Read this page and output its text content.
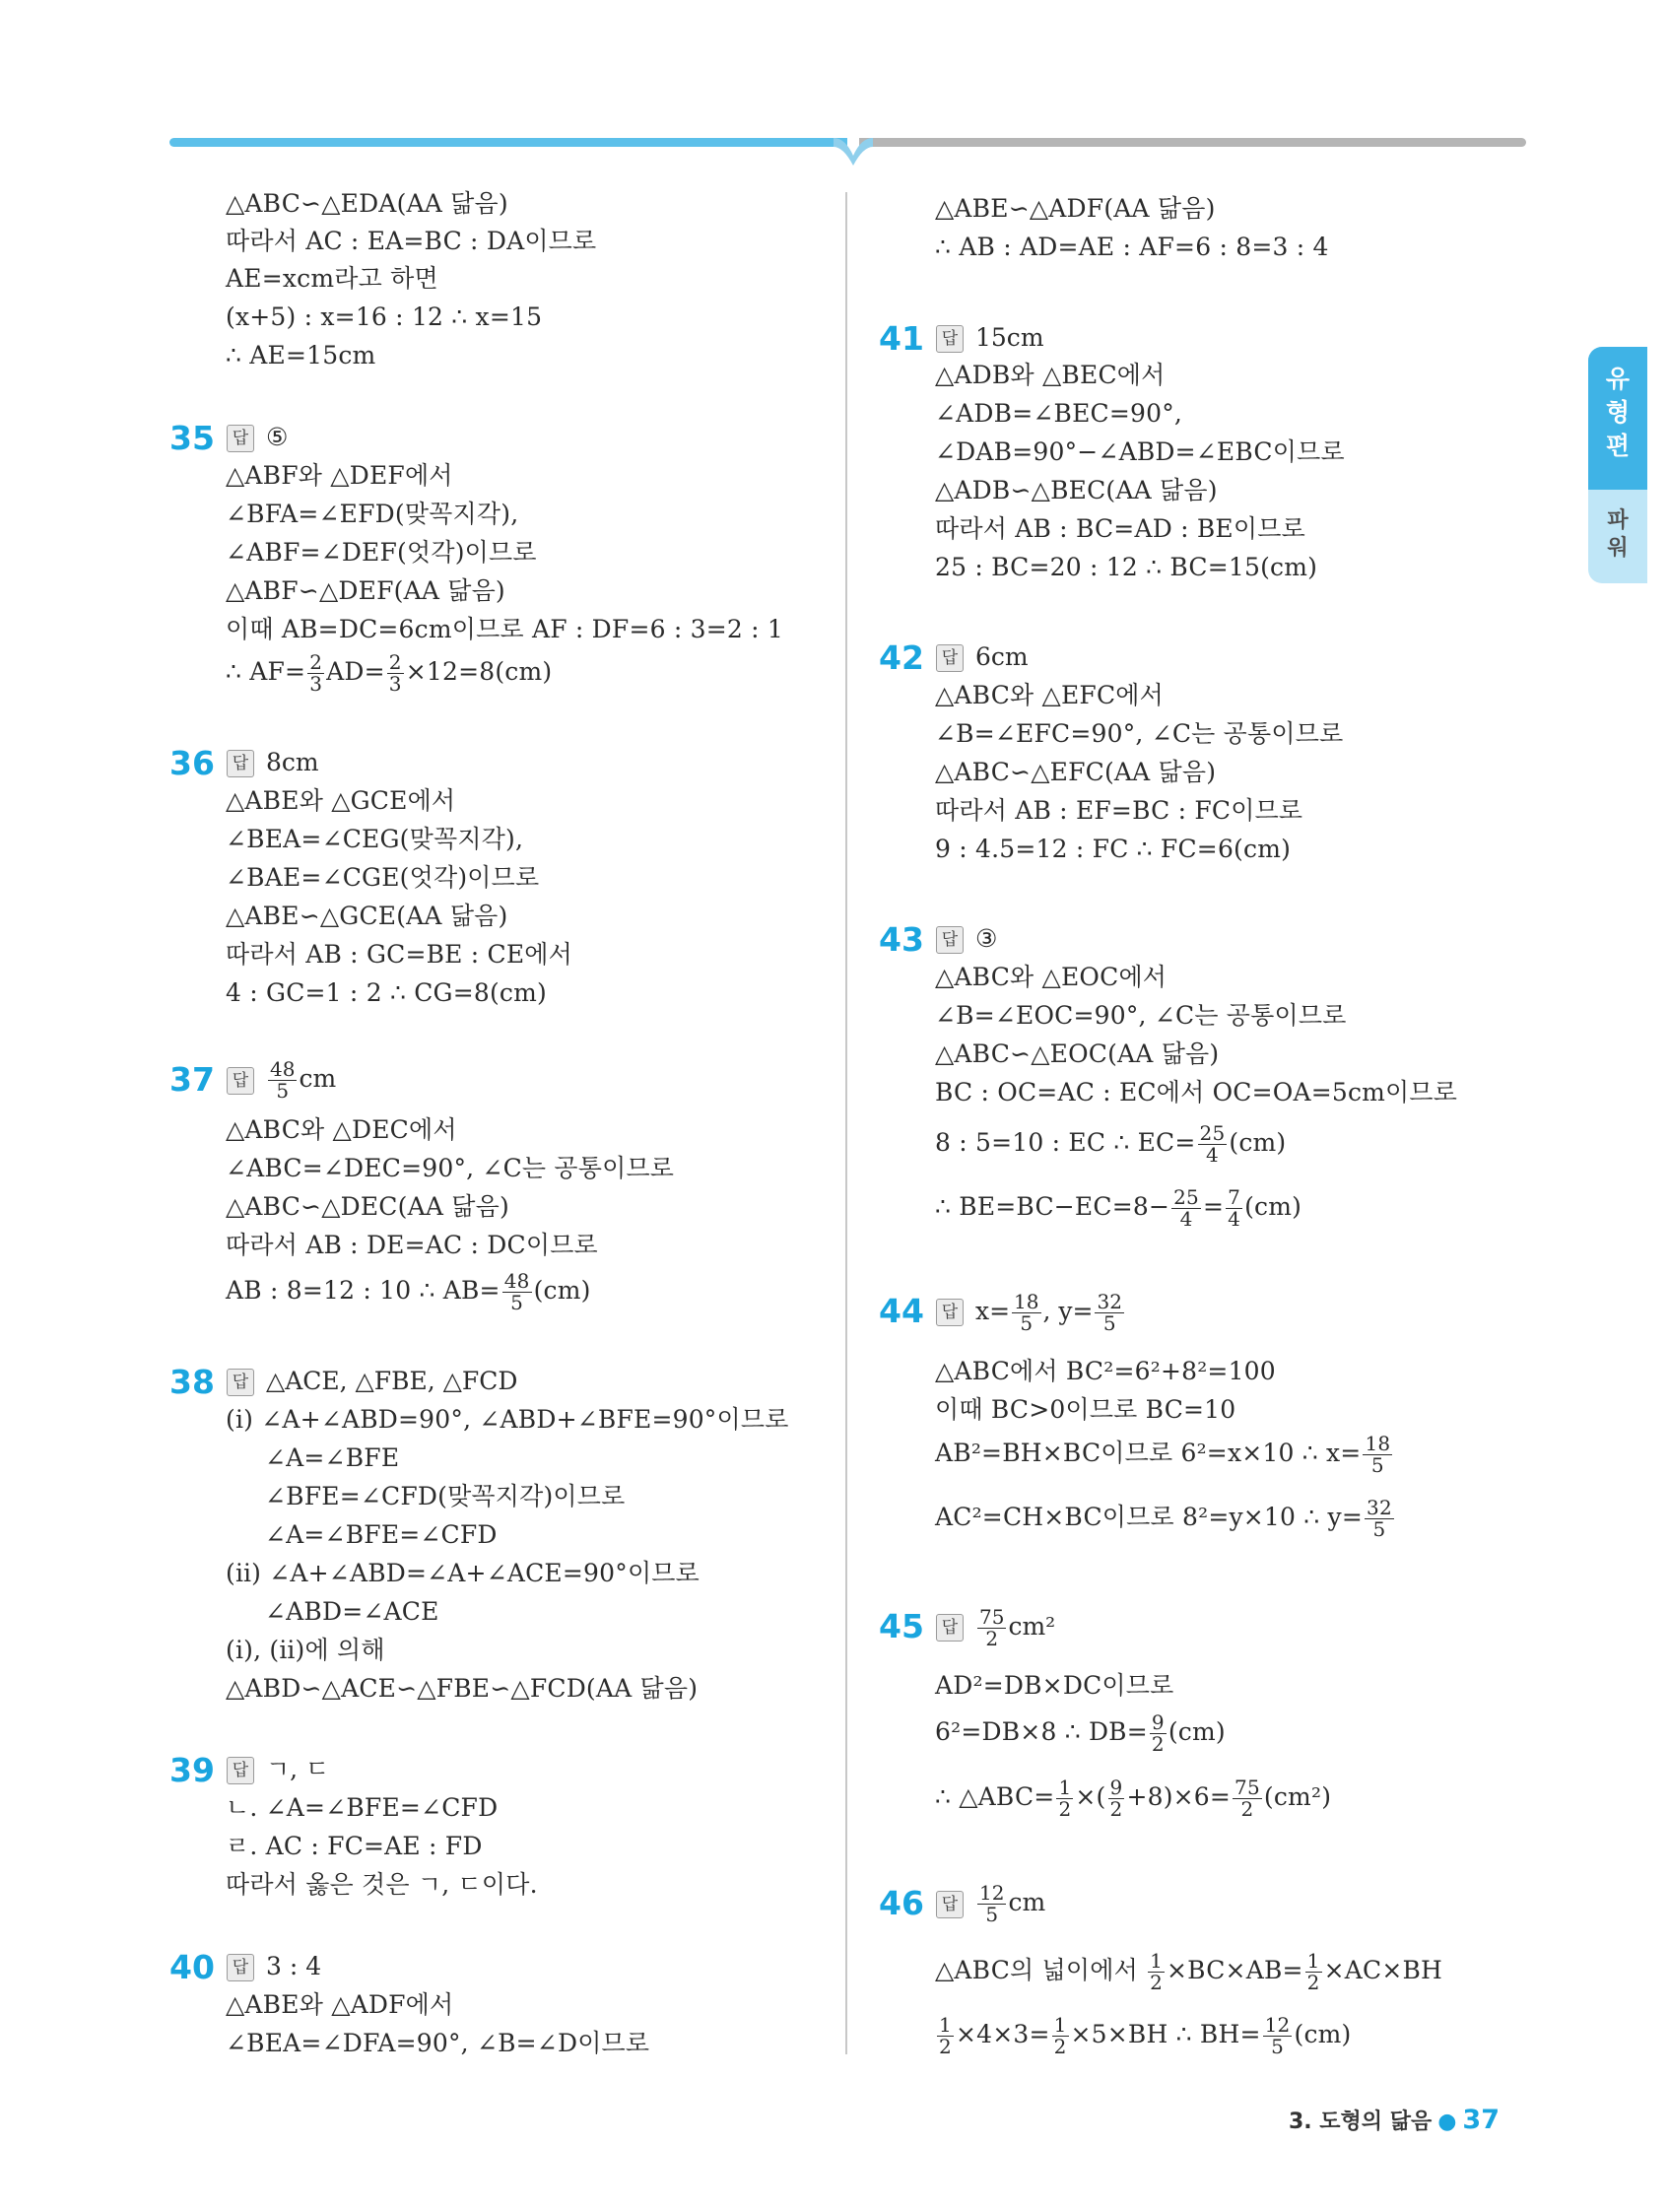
유
형
편
파
워
△ABC∽△EDA(AA 닮음)
따라서 AC : EA=BC : DA이므로
AE=xcm라고 하면
(x+5) : x=16 : 12 ∴ x=15
∴ AE=15cm
35	답 ⑤
△ABF와 △DEF에서
∠BFA=∠EFD(맞꼭지각),
∠ABF=∠DEF(엇각)이므로
△ABF∽△DEF(AA 닮음)
이때 AB=DC=6cm이므로 AF : DF=6 : 3=2 : 1
∴ $AF= \frac{2}{3} AD= \frac{2}{3} \times 12=8(cm)$
36	답 8cm
△ABE와 △GCE에서
∠BEA=∠CEG(맞꼭지각),
∠BAE=∠CGE(엇각)이므로
△ABE∽△GCE(AA 닮음)
따라서 AB : GC=BE : CE에서
4 : GC=1 : 2 ∴ CG=8(cm)
37	답 $\frac{48}{5}$ cm
△ABC와 △DEC에서
∠ABC=∠DEC=90°, ∠C는 공통이므로
△ABC∽△DEC(AA 닮음)
따라서 AB : DE=AC : DC이므로
AB : 8=12 : 10 ∴ $AB= \frac{48}{5} (cm)$
38	답 △ACE, △FBE, △FCD
(ⅰ) ∠A+∠ABD=90°, ∠ABD+∠BFE=90°이므로
∠A=∠BFE
∠BFE=∠CFD(맞꼭지각)이므로
∠A=∠BFE=∠CFD
(ⅱ) ∠A+∠ABD=∠A+∠ACE=90°이므로
∠ABD=∠ACE
(ⅰ), (ⅱ)에 의해
△ABD∽△ACE∽△FBE∽△FCD(AA 닮음)
39	답 ㄱ, ㄷ
ㄴ. ∠A=∠BFE=∠CFD
ㄹ. AC : FC=AE : FD
따라서 옳은 것은 ㄱ, ㄷ이다.
40	답 3 : 4
△ABE와 △ADF에서
∠BEA=∠DFA=90°, ∠B=∠D이므로
△ABE∽△ADF(AA 닮음)
∴ AB : AD=AE : AF=6 : 8=3 : 4
41	답 15cm
△ADB와 △BEC에서
∠ADB=∠BEC=90°,
∠DAB=90°−∠ABD=∠EBC이므로
△ADB∽△BEC(AA 닮음)
따라서 AB : BC=AD : BE이므로
25 : BC=20 : 12 ∴ BC=15(cm)
42	답 6cm
△ABC와 △EFC에서
∠B=∠EFC=90°, ∠C는 공통이므로
△ABC∽△EFC(AA 닮음)
따라서 AB : EF=BC : FC이므로
9 : 4.5=12 : FC ∴ FC=6(cm)
43	답 ③
△ABC와 △EOC에서
∠B=∠EOC=90°, ∠C는 공통이므로
△ABC∽△EOC(AA 닮음)
BC : OC=AC : EC에서 OC=OA=5cm이므로
8 : 5=10 : EC ∴ $EC= \frac{25}{4} (cm)$
∴ $BE=BC-EC=8- \frac{25}{4} = \frac{7}{4} (cm)$
44	답 $x= \frac{18}{5}$ , $y= \frac{32}{5}$
△ABC에서 BC²=6²+8²=100
이때 BC>0이므로 BC=10
AB²=BH×BC이므로 6²=x×10 ∴ $x= \frac{18}{5}$
AC²=CH×BC이므로 8²=y×10 ∴ $y= \frac{32}{5}$
45	답 $\frac{75}{2} cm^2$
AD²=DB×DC이므로
6²=DB×8 ∴ $DB= \frac{9}{2} (cm)$
∴ △ABC= $\frac{1}{2}$ ×( $\frac{9}{2} +8)\times 6= \frac{75}{2} (cm^2)$
46	답 $\frac{12}{5}$ cm
△ABC의 넓이에서 $\frac{1}{2} \times BC\times AB= \frac{1}{2} \times AC\times BH$
$\frac{1}{2} \times 4\times 3= \frac{1}{2} \times 5\times BH$ ∴ $BH= \frac{12}{5} (cm)$
3. 도형의 닮음 ● 37
